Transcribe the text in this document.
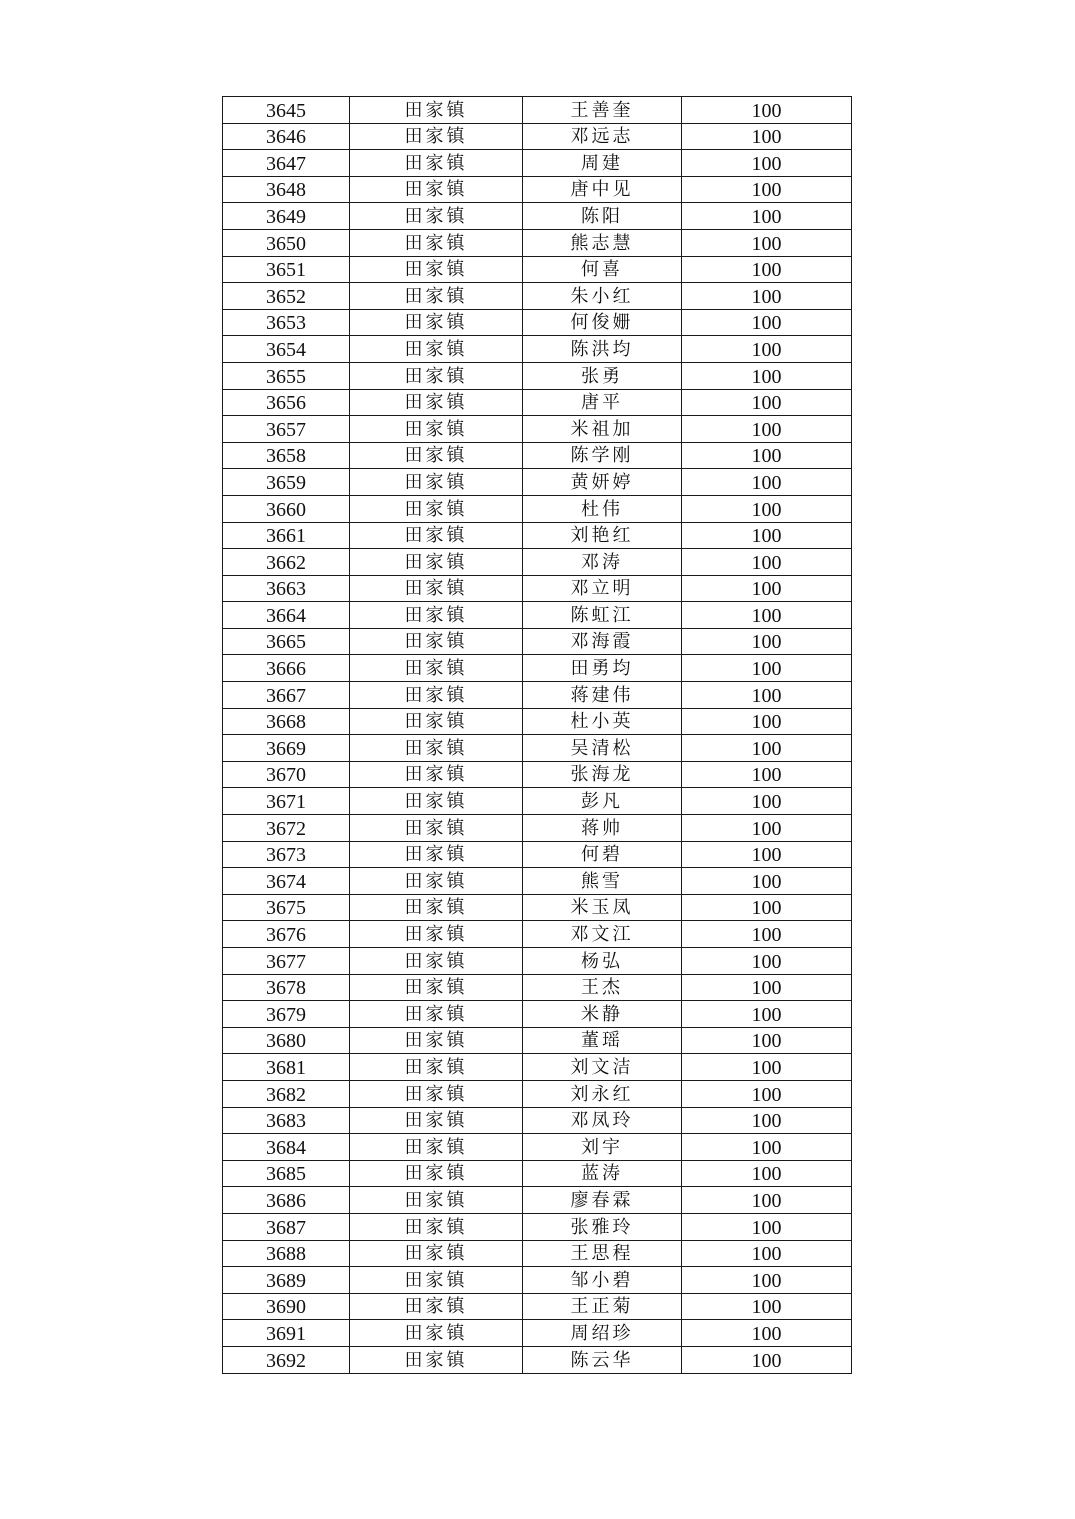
3645	田家镇	王善奎	100
3646	田家镇	邓远志	100
3647	田家镇	周建	100
3648	田家镇	唐中见	100
3649	田家镇	陈阳	100
3650	田家镇	熊志慧	100
3651	田家镇	何喜	100
3652	田家镇	朱小红	100
3653	田家镇	何俊姗	100
3654	田家镇	陈洪均	100
3655	田家镇	张勇	100
3656	田家镇	唐平	100
3657	田家镇	米祖加	100
3658	田家镇	陈学刚	100
3659	田家镇	黄妍婷	100
3660	田家镇	杜伟	100
3661	田家镇	刘艳红	100
3662	田家镇	邓涛	100
3663	田家镇	邓立明	100
3664	田家镇	陈虹江	100
3665	田家镇	邓海霞	100
3666	田家镇	田勇均	100
3667	田家镇	蒋建伟	100
3668	田家镇	杜小英	100
3669	田家镇	吴清松	100
3670	田家镇	张海龙	100
3671	田家镇	彭凡	100
3672	田家镇	蒋帅	100
3673	田家镇	何碧	100
3674	田家镇	熊雪	100
3675	田家镇	米玉凤	100
3676	田家镇	邓文江	100
3677	田家镇	杨弘	100
3678	田家镇	王杰	100
3679	田家镇	米静	100
3680	田家镇	董瑶	100
3681	田家镇	刘文洁	100
3682	田家镇	刘永红	100
3683	田家镇	邓凤玲	100
3684	田家镇	刘宇	100
3685	田家镇	蓝涛	100
3686	田家镇	廖春霖	100
3687	田家镇	张雅玲	100
3688	田家镇	王思程	100
3689	田家镇	邹小碧	100
3690	田家镇	王正菊	100
3691	田家镇	周绍珍	100
3692	田家镇	陈云华	100
